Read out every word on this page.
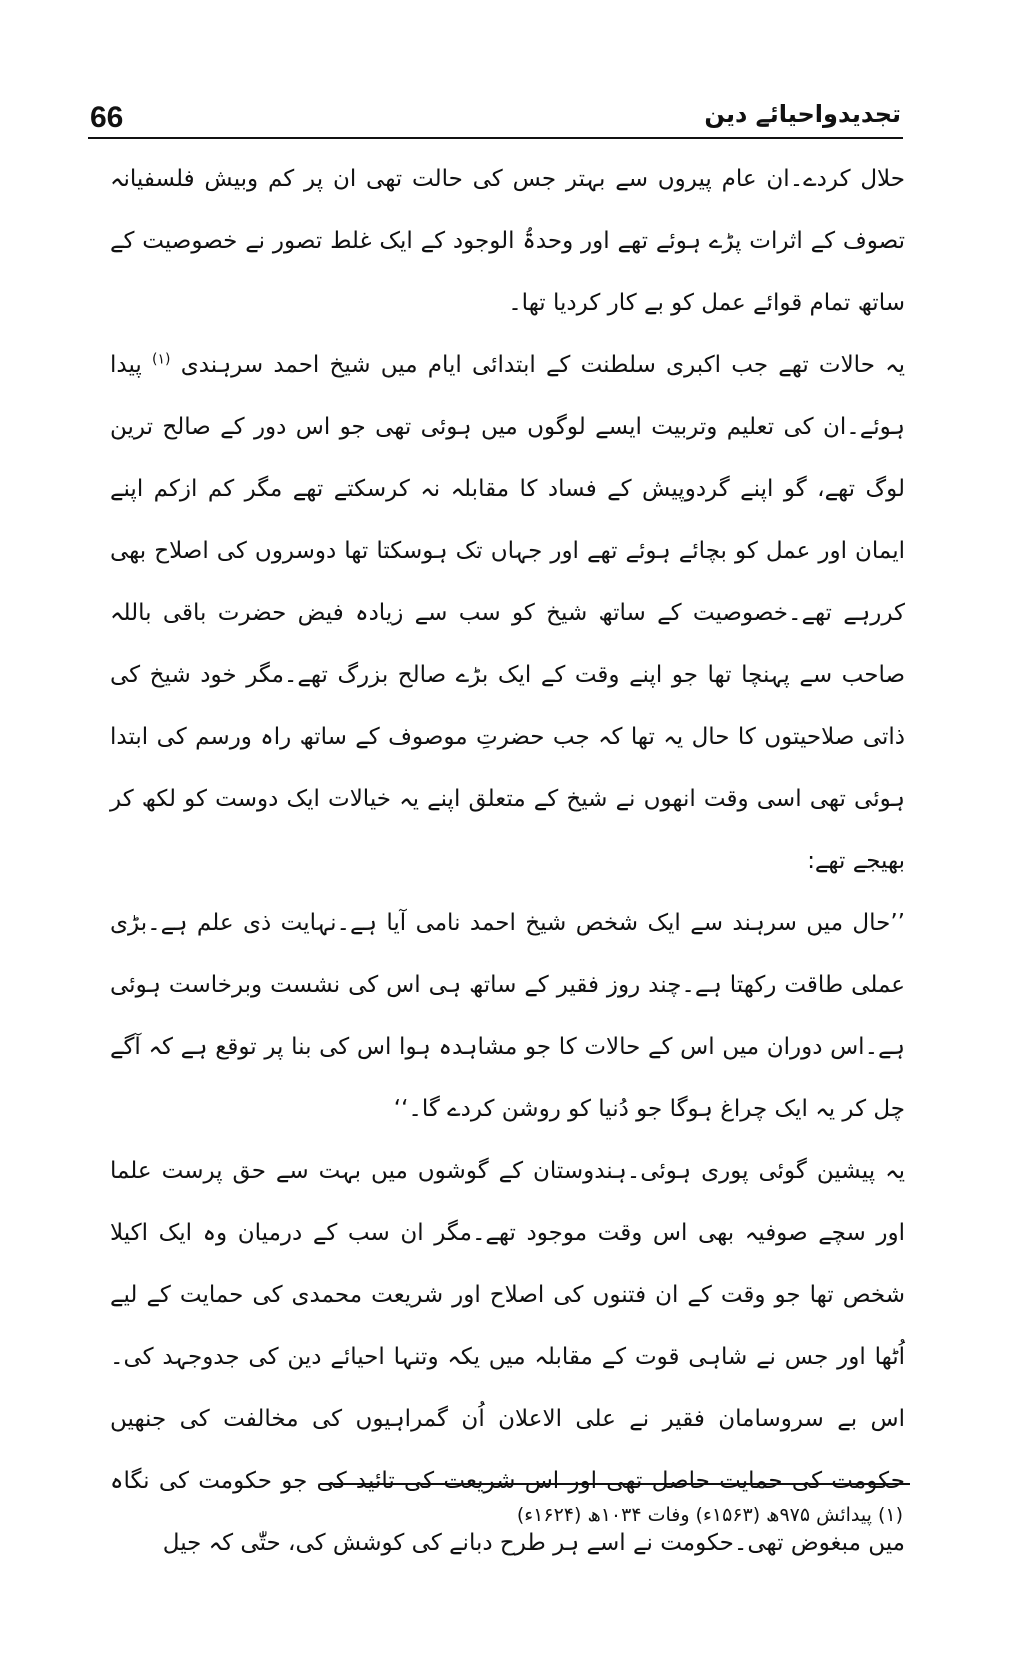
66	تجدیدواحیائے دین

حلال کردے۔ان عام پیروں سے بہتر جس کی حالت تھی ان پر کم وبیش فلسفیانہ تصوف کے اثرات پڑے ہوئے تھے اور وحدۃُ الوجود کے ایک غلط تصور نے خصوصیت کے ساتھ تمام قوائے عمل کو بے کار کردیا تھا۔

یہ حالات تھے جب اکبری سلطنت کے ابتدائی ایام میں شیخ احمد سرہندی $^{(۱)}$ پیدا ہوئے۔ان کی تعلیم وتربیت ایسے لوگوں میں ہوئی تھی جو اس دور کے صالح ترین لوگ تھے، گو اپنے گردوپیش کے فساد کا مقابلہ نہ کرسکتے تھے مگر کم ازکم اپنے ایمان اور عمل کو بچائے ہوئے تھے اور جہاں تک ہوسکتا تھا دوسروں کی اصلاح بھی کررہے تھے۔خصوصیت کے ساتھ شیخ کو سب سے زیادہ فیض حضرت باقی باللہ صاحب سے پہنچا تھا جو اپنے وقت کے ایک بڑے صالح بزرگ تھے۔مگر خود شیخ کی ذاتی صلاحیتوں کا حال یہ تھا کہ جب حضرتِ موصوف کے ساتھ راہ ورسم کی ابتدا ہوئی تھی اسی وقت انھوں نے شیخ کے متعلق اپنے یہ خیالات ایک دوست کو لکھ کر بھیجے تھے:

’’حال میں سرہند سے ایک شخص شیخ احمد نامی آیا ہے۔نہایت ذی علم ہے۔بڑی عملی طاقت رکھتا ہے۔چند روز فقیر کے ساتھ ہی اس کی نشست وبرخاست ہوئی ہے۔اس دوران میں اس کے حالات کا جو مشاہدہ ہوا اس کی بنا پر توقع ہے کہ آگے چل کر یہ ایک چراغ ہوگا جو دُنیا کو روشن کردے گا۔‘‘

یہ پیشین گوئی پوری ہوئی۔ہندوستان کے گوشوں میں بہت سے حق پرست علما اور سچے صوفیہ بھی اس وقت موجود تھے۔مگر ان سب کے درمیان وہ ایک اکیلا شخص تھا جو وقت کے ان فتنوں کی اصلاح اور شریعت محمدی کی حمایت کے لیے اُٹھا اور جس نے شاہی قوت کے مقابلہ میں یکہ وتنہا احیائے دین کی جدوجہد کی۔اس بے سروسامان فقیر نے علی الاعلان اُن گمراہیوں کی مخالفت کی جنھیں حکومت کی حمایت حاصل تھی اور اس شریعت کی تائید کی جو حکومت کی نگاہ میں مبغوض تھی۔حکومت نے اسے ہر طرح دبانے کی کوشش کی، حتّٰی کہ جیل

(۱) پیدائش ۹۷۵ھ (۱۵۶۳ء) وفات ۱۰۳۴ھ (۱۶۲۴ء)
